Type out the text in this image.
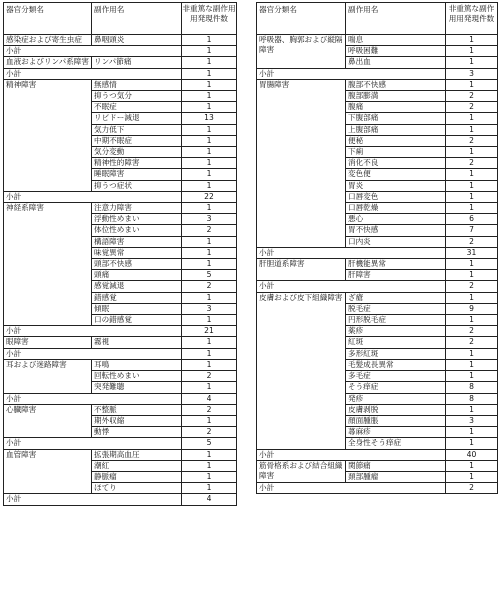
器官分類名	副作用名	非重篤な副作用用発現件数
感染症および寄生虫症	鼻咽頭炎	1
小計		1
血液およびリンパ系障害	リンパ節痛	1
小計		1
精神障害	無感情	1
	抑うつ気分	1
	不眠症	1
	リビドー減退	13
	気力低下	1
	中期不眠症	1
	気分変動	1
	精神性的障害	1
	睡眠障害	1
	抑うつ症状	1
小計		22
神経系障害	注意力障害	1
	浮動性めまい	3
	体位性めまい	2
	構語障害	1
	味覚異常	1
	頭部不快感	1
	頭痛	5
	感覚減退	2
	錯感覚	1
	傾眠	3
	口の錯感覚	1
小計		21
眼障害	霧視	1
小計		1
耳および迷路障害	耳鳴	1
	回転性めまい	2
	突発難聴	1
小計		4
心臓障害	不整脈	2
	期外収縮	1
	動悸	2
小計		5
血管障害	拡張期高血圧	1
	潮紅	1
	静脈瘤	1
	ほてり	1
小計		4
器官分類名	副作用名	非重篤な副作用用発現件数
呼吸器、胸郭および縦隔障害	喘息	1
	呼吸困難	1
	鼻出血	1
小計		3
胃腸障害	腹部不快感	1
	腹部膨満	2
	腹痛	2
	下腹部痛	1
	上腹部痛	1
	便秘	2
	下痢	1
	消化不良	2
	変色便	1
	胃炎	1
	口唇変色	1
	口唇乾燥	1
	悪心	6
	胃不快感	7
	口内炎	2
小計		31
肝胆道系障害	肝機能異常	1
	肝障害	1
小計		2
皮膚および皮下組織障害	ざ瘡	1
	脱毛症	9
	円形脱毛症	1
	薬疹	2
	紅斑	2
	多形紅斑	1
	毛髪成長異常	1
	多毛症	1
	そう痒症	8
	発疹	8
	皮膚剥脱	1
	顔面腫脹	3
	蕁麻疹	1
	全身性そう痒症	1
小計		40
筋骨格系および結合組織障害	関節痛	1
	頚部腫瘤	1
小計		2
